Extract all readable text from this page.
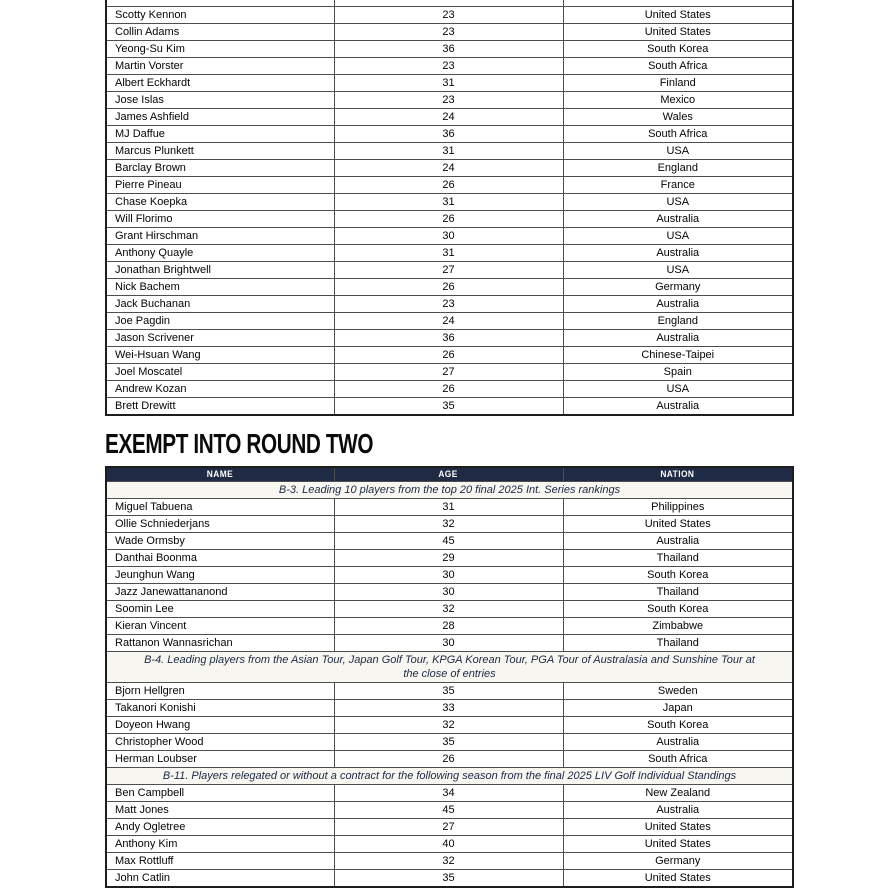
Scotty Kennon	23	United States
Collin Adams	23	United States
Yeong-Su Kim	36	South Korea
Martin Vorster	23	South Africa
Albert Eckhardt	31	Finland
Jose Islas	23	Mexico
James Ashfield	24	Wales
MJ Daffue	36	South Africa
Marcus Plunkett	31	USA
Barclay Brown	24	England
Pierre Pineau	26	France
Chase Koepka	31	USA
Will Florimo	26	Australia
Grant Hirschman	30	USA
Anthony Quayle	31	Australia
Jonathan Brightwell	27	USA
Nick Bachem	26	Germany
Jack Buchanan	23	Australia
Joe Pagdin	24	England
Jason Scrivener	36	Australia
Wei-Hsuan Wang	26	Chinese-Taipei
Joel Moscatel	27	Spain
Andrew Kozan	26	USA
Brett Drewitt	35	Australia
EXEMPT INTO ROUND TWO
NAME	AGE	NATION
B-3. Leading 10 players from the top 20 final 2025 Int. Series rankings		
Miguel Tabuena	31	Philippines
Ollie Schniederjans	32	United States
Wade Ormsby	45	Australia
Danthai Boonma	29	Thailand
Jeunghun Wang	30	South Korea
Jazz Janewattananond	30	Thailand
Soomin Lee	32	South Korea
Kieran Vincent	28	Zimbabwe
Rattanon Wannasrichan	30	Thailand
B-4. Leading players from the Asian Tour, Japan Golf Tour, KPGA Korean Tour, PGA Tour of Australasia and Sunshine Tour at the close of entries		
Bjorn Hellgren	35	Sweden
Takanori Konishi	33	Japan
Doyeon Hwang	32	South Korea
Christopher Wood	35	Australia
Herman Loubser	26	South Africa
B-11. Players relegated or without a contract for the following season from the final 2025 LIV Golf Individual Standings		
Ben Campbell	34	New Zealand
Matt Jones	45	Australia
Andy Ogletree	27	United States
Anthony Kim	40	United States
Max Rottluff	32	Germany
John Catlin	35	United States
